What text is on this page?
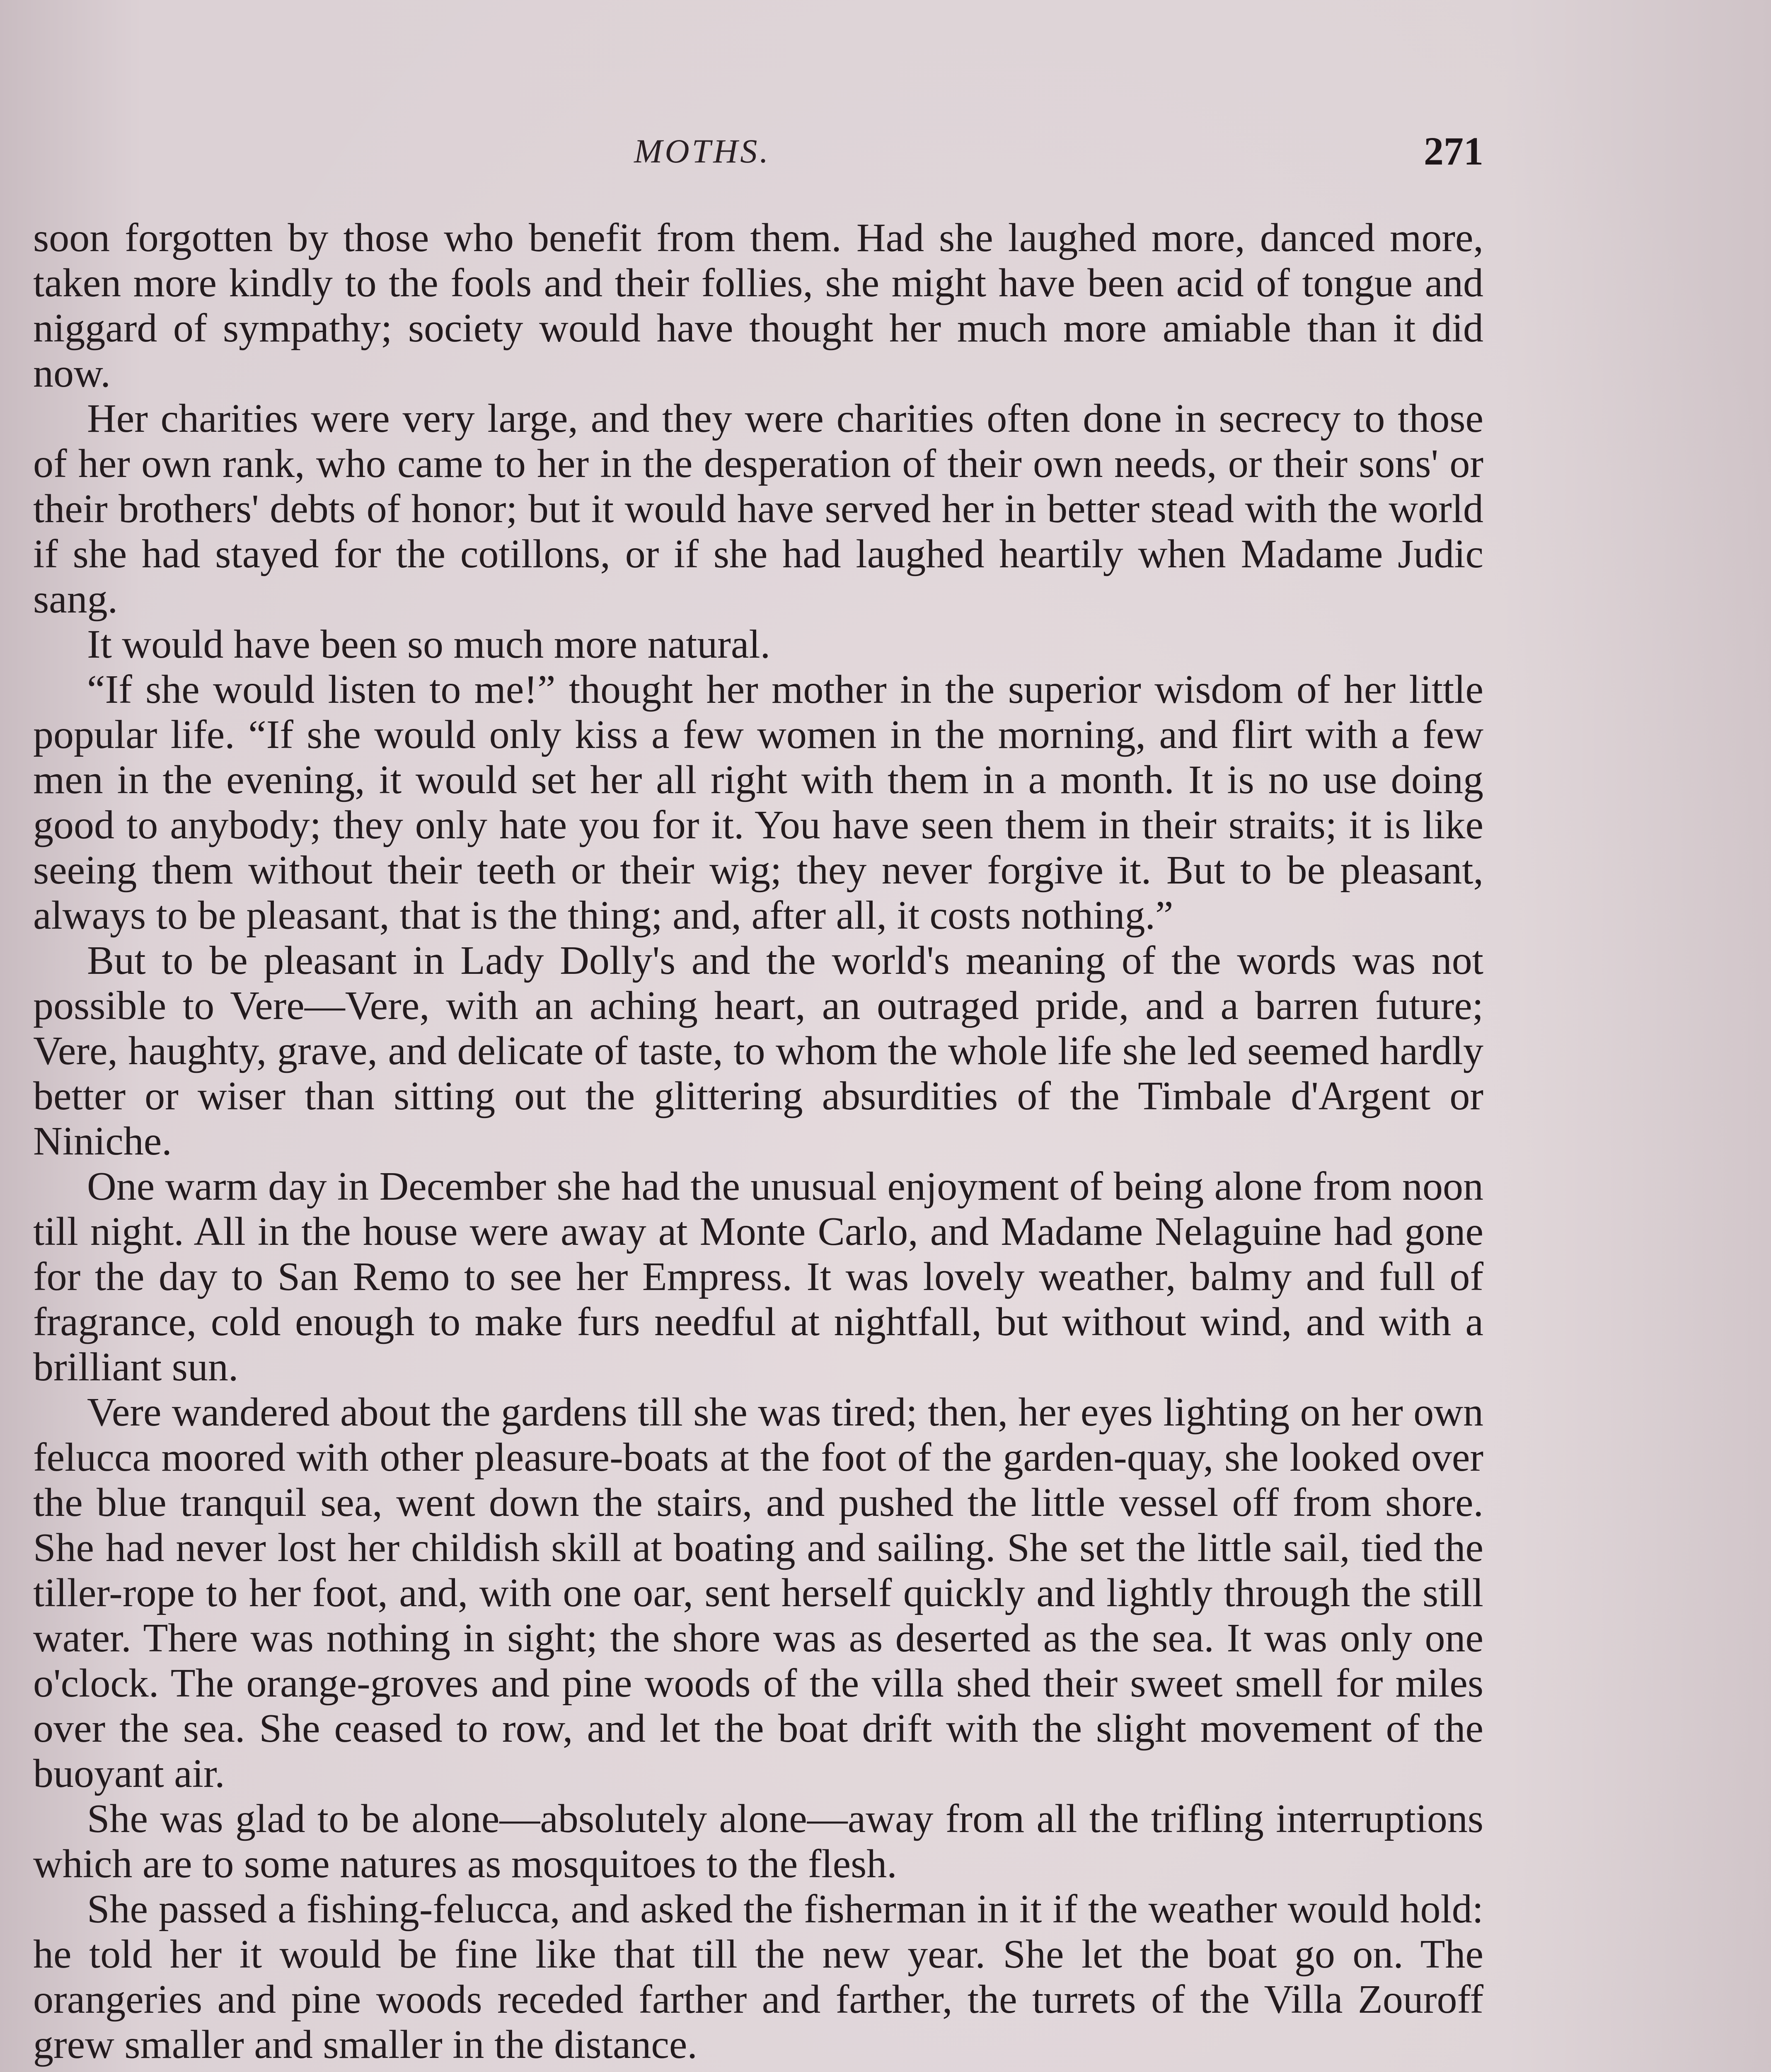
MOTHS.	271

soon forgotten by those who benefit from them. Had she laughed more, danced more, taken more kindly to the fools and their follies, she might have been acid of tongue and niggard of sympathy; society would have thought her much more amiable than it did now.

Her charities were very large, and they were charities often done in secrecy to those of her own rank, who came to her in the desperation of their own needs, or their sons' or their brothers' debts of honor; but it would have served her in better stead with the world if she had stayed for the cotillons, or if she had laughed heartily when Madame Judic sang.

It would have been so much more natural.

“If she would listen to me!” thought her mother in the superior wisdom of her little popular life. “If she would only kiss a few women in the morning, and flirt with a few men in the evening, it would set her all right with them in a month. It is no use doing good to anybody; they only hate you for it. You have seen them in their straits; it is like seeing them without their teeth or their wig; they never forgive it. But to be pleasant, always to be pleasant, that is the thing; and, after all, it costs nothing.”

But to be pleasant in Lady Dolly's and the world's meaning of the words was not possible to Vere—Vere, with an aching heart, an outraged pride, and a barren future; Vere, haughty, grave, and delicate of taste, to whom the whole life she led seemed hardly better or wiser than sitting out the glittering absurdities of the Timbale d'Argent or Niniche.

One warm day in December she had the unusual enjoyment of being alone from noon till night. All in the house were away at Monte Carlo, and Madame Nelaguine had gone for the day to San Remo to see her Empress. It was lovely weather, balmy and full of fragrance, cold enough to make furs needful at nightfall, but without wind, and with a brilliant sun.

Vere wandered about the gardens till she was tired; then, her eyes lighting on her own felucca moored with other pleasure-boats at the foot of the garden-quay, she looked over the blue tranquil sea, went down the stairs, and pushed the little vessel off from shore. She had never lost her childish skill at boating and sailing. She set the little sail, tied the tiller-rope to her foot, and, with one oar, sent herself quickly and lightly through the still water. There was nothing in sight; the shore was as deserted as the sea. It was only one o'clock. The orange-groves and pine woods of the villa shed their sweet smell for miles over the sea. She ceased to row, and let the boat drift with the slight movement of the buoyant air.

She was glad to be alone—absolutely alone—away from all the trifling interruptions which are to some natures as mosquitoes to the flesh.

She passed a fishing-felucca, and asked the fisherman in it if the weather would hold: he told her it would be fine like that till the new year. She let the boat go on. The orangeries and pine woods receded farther and farther, the turrets of the Villa Zouroff grew smaller and smaller in the distance.
